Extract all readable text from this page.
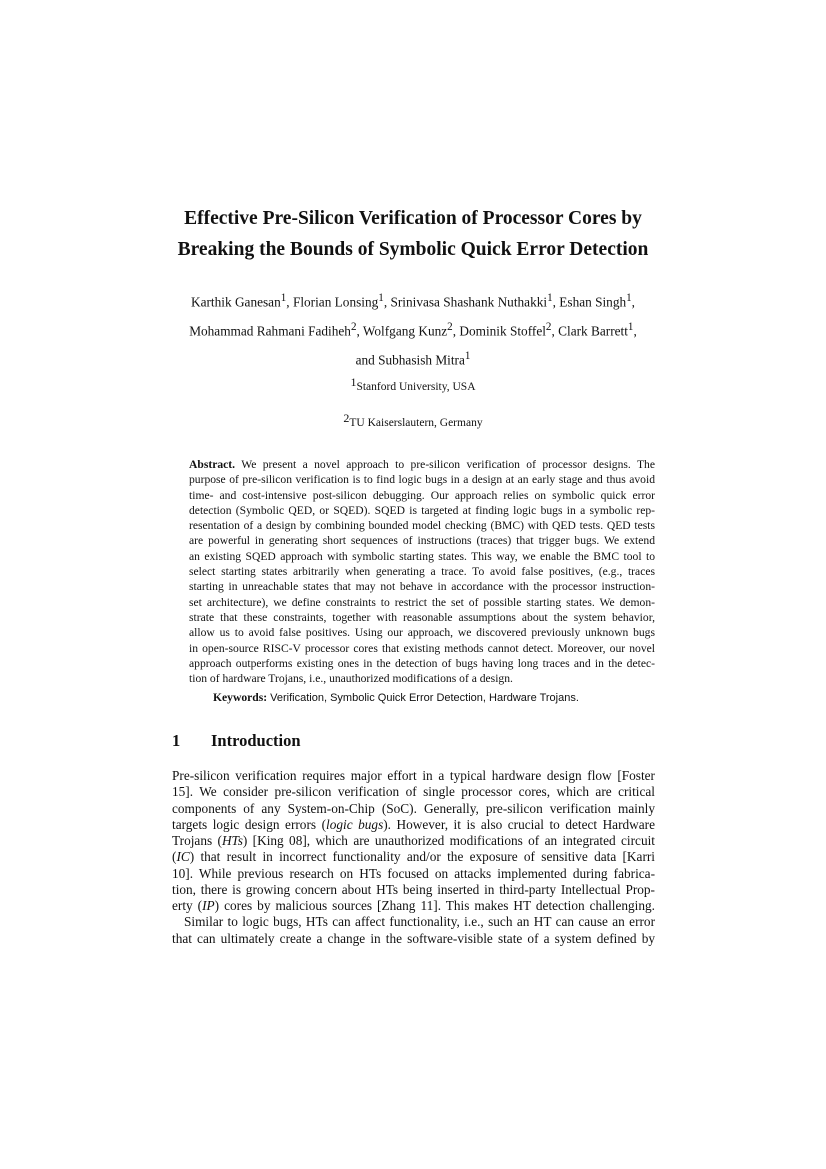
Effective Pre-Silicon Verification of Processor Cores by
Breaking the Bounds of Symbolic Quick Error Detection
Karthik Ganesan$^1$, Florian Lonsing$^1$, Srinivasa Shashank Nuthakki$^1$, Eshan Singh$^1$,
Mohammad Rahmani Fadiheh$^2$, Wolfgang Kunz$^2$, Dominik Stoffel$^2$, Clark Barrett$^1$,
and Subhasish Mitra$^1$
$^1$Stanford University, USA
$^2$TU Kaiserslautern, Germany
Abstract. We present a novel approach to pre-silicon verification of processor designs. The
purpose of pre-silicon verification is to find logic bugs in a design at an early stage and thus avoid
time- and cost-intensive post-silicon debugging. Our approach relies on symbolic quick error
detection (Symbolic QED, or SQED). SQED is targeted at finding logic bugs in a symbolic rep-
resentation of a design by combining bounded model checking (BMC) with QED tests. QED tests
are powerful in generating short sequences of instructions (traces) that trigger bugs. We extend
an existing SQED approach with symbolic starting states. This way, we enable the BMC tool to
select starting states arbitrarily when generating a trace. To avoid false positives, (e.g., traces
starting in unreachable states that may not behave in accordance with the processor instruction-
set architecture), we define constraints to restrict the set of possible starting states. We demon-
strate that these constraints, together with reasonable assumptions about the system behavior,
allow us to avoid false positives. Using our approach, we discovered previously unknown bugs
in open-source RISC-V processor cores that existing methods cannot detect. Moreover, our novel
approach outperforms existing ones in the detection of bugs having long traces and in the detec-
tion of hardware Trojans, i.e., unauthorized modifications of a design.
Keywords: Verification, Symbolic Quick Error Detection, Hardware Trojans.
1 Introduction
Pre-silicon verification requires major effort in a typical hardware design flow [Foster
15]. We consider pre-silicon verification of single processor cores, which are critical
components of any System-on-Chip (SoC). Generally, pre-silicon verification mainly
targets logic design errors (logic bugs). However, it is also crucial to detect Hardware
Trojans (HTs) [King 08], which are unauthorized modifications of an integrated circuit
(IC) that result in incorrect functionality and/or the exposure of sensitive data [Karri
10]. While previous research on HTs focused on attacks implemented during fabrica-
tion, there is growing concern about HTs being inserted in third-party Intellectual Prop-
erty (IP) cores by malicious sources [Zhang 11]. This makes HT detection challenging.
Similar to logic bugs, HTs can affect functionality, i.e., such an HT can cause an error
that can ultimately create a change in the software-visible state of a system defined by
